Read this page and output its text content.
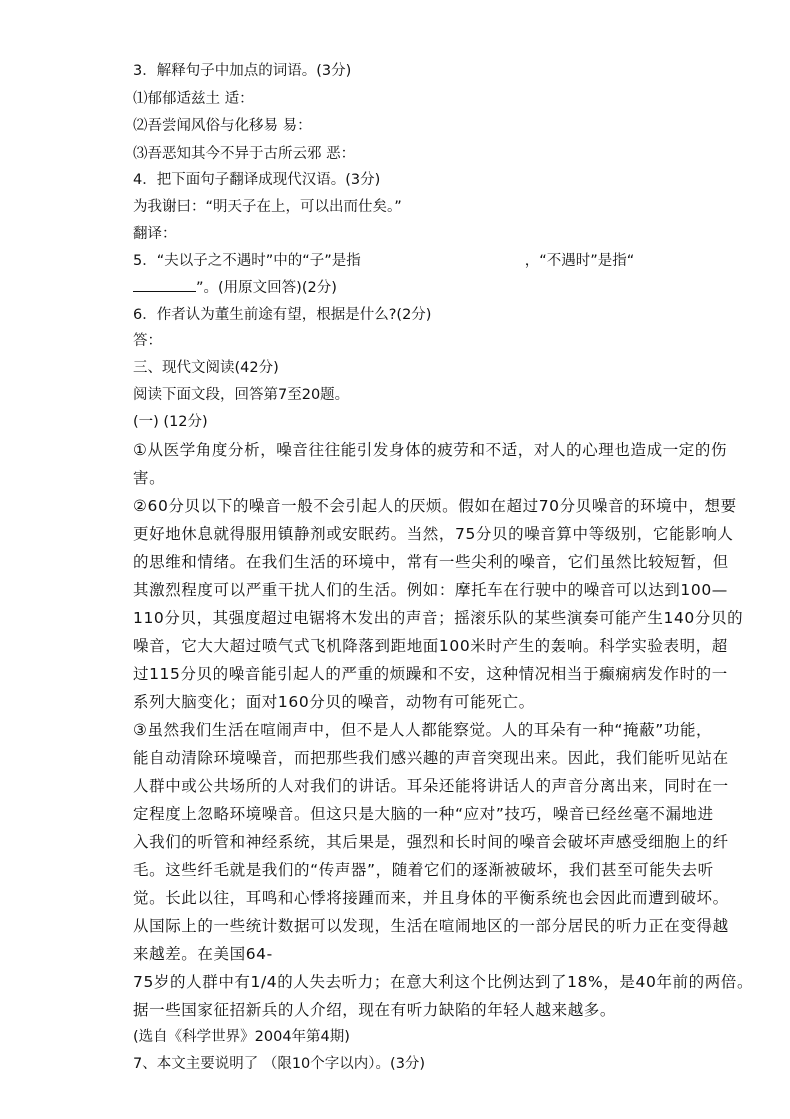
3．解释句子中加点的词语。(3分)
⑴郁郁适兹土 适：
⑵吾尝闻风俗与化移易 易：
⑶吾恶知其今不异于古所云邪 恶：
4．把下面句子翻译成现代汉语。(3分)
为我谢曰：“明天子在上，可以出而仕矣。”
翻译：
5．“夫以子之不遇时”中的“子”是指	，“不遇时”是指“
”。(用原文回答)(2分)
6．作者认为董生前途有望，根据是什么?(2分)
答：
三、现代文阅读(42分)
阅读下面文段，回答第7至20题。
(一) (12分)
①从医学角度分析，噪音往往能引发身体的疲劳和不适，对人的心理也造成一定的伤
害。
②60分贝以下的噪音一般不会引起人的厌烦。假如在超过70分贝噪音的环境中，想要
更好地休息就得服用镇静剂或安眠药。当然，75分贝的噪音算中等级别，它能影响人
的思维和情绪。在我们生活的环境中，常有一些尖利的噪音，它们虽然比较短暂，但
其激烈程度可以严重干扰人们的生活。例如：摩托车在行驶中的噪音可以达到100—
110分贝，其强度超过电锯将木发出的声音；摇滚乐队的某些演奏可能产生140分贝的
噪音，它大大超过喷气式飞机降落到距地面100米时产生的轰响。科学实验表明，超
过115分贝的噪音能引起人的严重的烦躁和不安，这种情况相当于癫痫病发作时的一
系列大脑变化；面对160分贝的噪音，动物有可能死亡。
③虽然我们生活在喧闹声中，但不是人人都能察觉。人的耳朵有一种“掩蔽”功能，
能自动清除环境噪音，而把那些我们感兴趣的声音突现出来。因此，我们能听见站在
人群中或公共场所的人对我们的讲话。耳朵还能将讲话人的声音分离出来，同时在一
定程度上忽略环境噪音。但这只是大脑的一种“应对”技巧，噪音已经丝毫不漏地进
入我们的听管和神经系统，其后果是，强烈和长时间的噪音会破坏声感受细胞上的纤
毛。这些纤毛就是我们的“传声器”，随着它们的逐渐被破坏，我们甚至可能失去听
觉。长此以往，耳鸣和心悸将接踵而来，并且身体的平衡系统也会因此而遭到破坏。
从国际上的一些统计数据可以发现，生活在喧闹地区的一部分居民的听力正在变得越
来越差。在美国64-
75岁的人群中有1/4的人失去听力；在意大利这个比例达到了18%，是40年前的两倍。
据一些国家征招新兵的人介绍，现在有听力缺陷的年轻人越来越多。
(选自《科学世界》2004年第4期)
7、本文主要说明了 （限10个字以内）。(3分)
